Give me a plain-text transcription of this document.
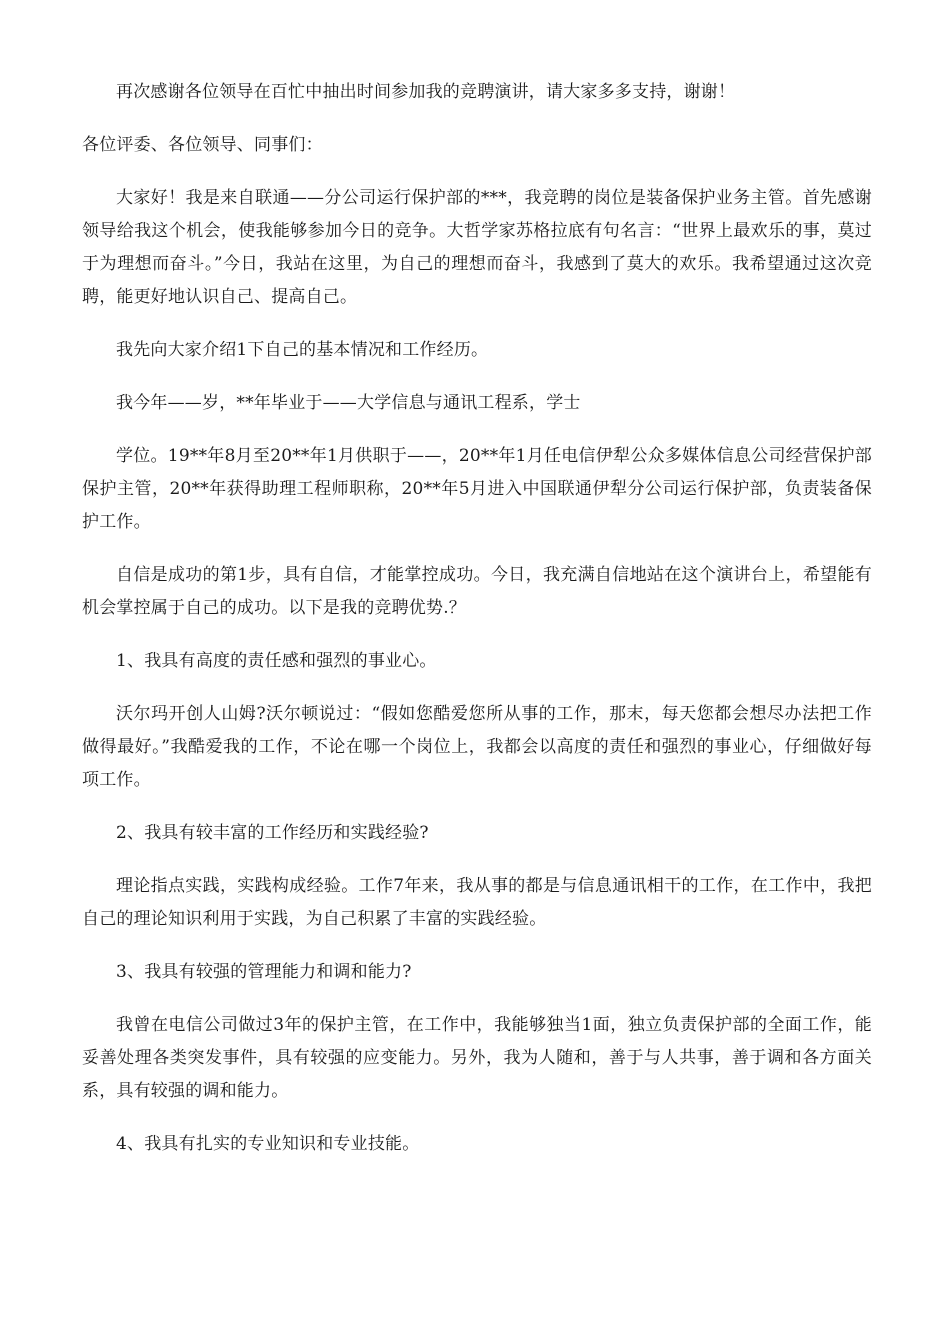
再次感谢各位领导在百忙中抽出时间参加我的竞聘演讲，请大家多多支持，谢谢！

各位评委、各位领导、同事们：

大家好！我是来自联通——分公司运行保护部的***，我竞聘的岗位是装备保护业务主管。首先感谢领导给我这个机会，使我能够参加今日的竞争。大哲学家苏格拉底有句名言：“世界上最欢乐的事，莫过于为理想而奋斗。”今日，我站在这里，为自己的理想而奋斗，我感到了莫大的欢乐。我希望通过这次竞聘，能更好地认识自己、提高自己。

我先向大家介绍1下自己的基本情况和工作经历。

我今年——岁，**年毕业于——大学信息与通讯工程系，学士

学位。19**年8月至20**年1月供职于——，20**年1月任电信伊犁公众多媒体信息公司经营保护部保护主管，20**年获得助理工程师职称，20**年5月进入中国联通伊犁分公司运行保护部，负责装备保护工作。

自信是成功的第1步，具有自信，才能掌控成功。今日，我充满自信地站在这个演讲台上，希望能有机会掌控属于自己的成功。以下是我的竞聘优势.？

1、我具有高度的责任感和强烈的事业心。

沃尔玛开创人山姆?沃尔顿说过：“假如您酷爱您所从事的工作，那末，每天您都会想尽办法把工作做得最好。”我酷爱我的工作，不论在哪一个岗位上，我都会以高度的责任和强烈的事业心，仔细做好每项工作。

2、我具有较丰富的工作经历和实践经验?

理论指点实践，实践构成经验。工作7年来，我从事的都是与信息通讯相干的工作，在工作中，我把自己的理论知识利用于实践，为自己积累了丰富的实践经验。

3、我具有较强的管理能力和调和能力?

我曾在电信公司做过3年的保护主管，在工作中，我能够独当1面，独立负责保护部的全面工作，能妥善处理各类突发事件，具有较强的应变能力。另外，我为人随和，善于与人共事，善于调和各方面关系，具有较强的调和能力。

4、我具有扎实的专业知识和专业技能。
